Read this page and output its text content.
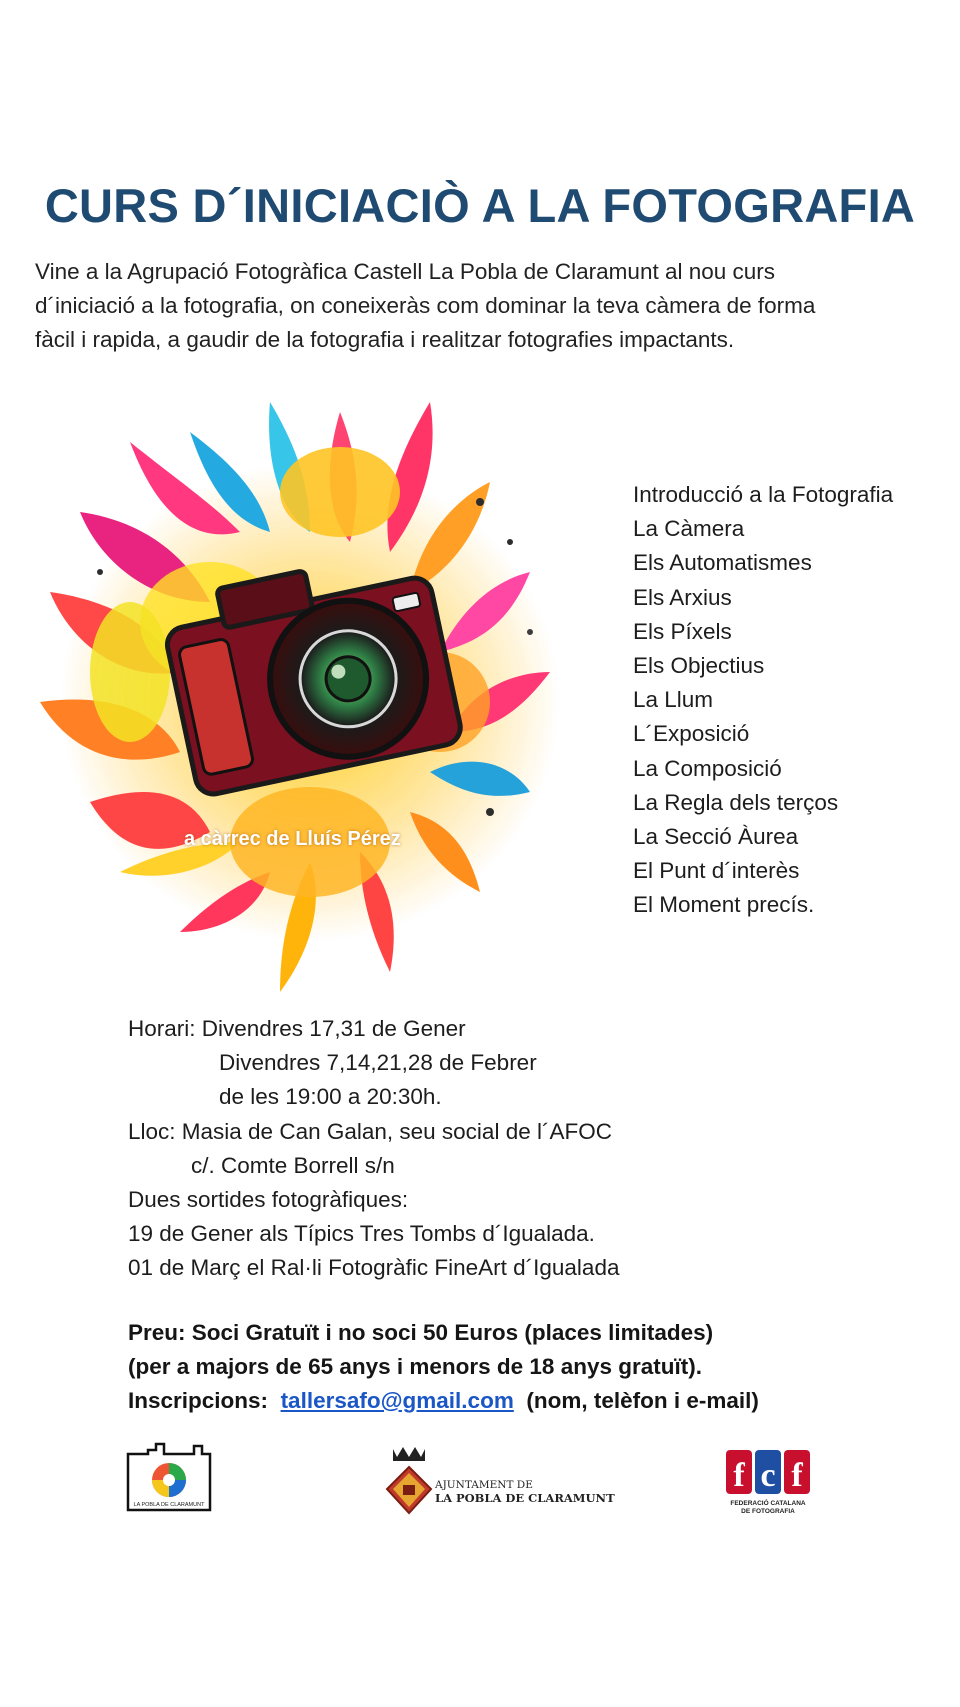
CURS D´INICIACIÒ A LA FOTOGRAFIA
Vine a la Agrupació Fotogràfica Castell La Pobla de Claramunt al nou curs
d´iniciació a la fotografia, on coneixeràs com dominar la teva càmera de forma
fàcil i rapida, a gaudir de la fotografia i realitzar fotografies impactants.
a càrrec de Lluís Pérez
Introducció a la Fotografia
La Càmera
Els Automatismes
Els Arxius
Els Píxels
Els Objectius
La Llum
L´Exposició
La Composició
La Regla dels terços
La Secció Àurea
El Punt d´interès
El Moment precís.
Horari: Divendres 17,31 de Gener
Divendres 7,14,21,28 de Febrer
de les 19:00 a 20:30h.
Lloc: Masia de Can Galan, seu social de l´AFOC
c/. Comte Borrell s/n
Dues sortides fotogràfiques:
19 de Gener als Típics Tres Tombs d´Igualada.
01 de Març el Ral·li Fotogràfic FineArt d´Igualada
Preu: Soci Gratuït i no soci 50 Euros (places limitades)
(per a majors de 65 anys i menors de 18 anys gratuït).
Inscripcions: tallersafo@gmail.com (nom, telèfon i e-mail)
LA POBLA DE CLARAMUNT
AJUNTAMENT DE
LA POBLA DE CLARAMUNT
f c f
FEDERACIÓ CATALANA
DE FOTOGRAFIA
